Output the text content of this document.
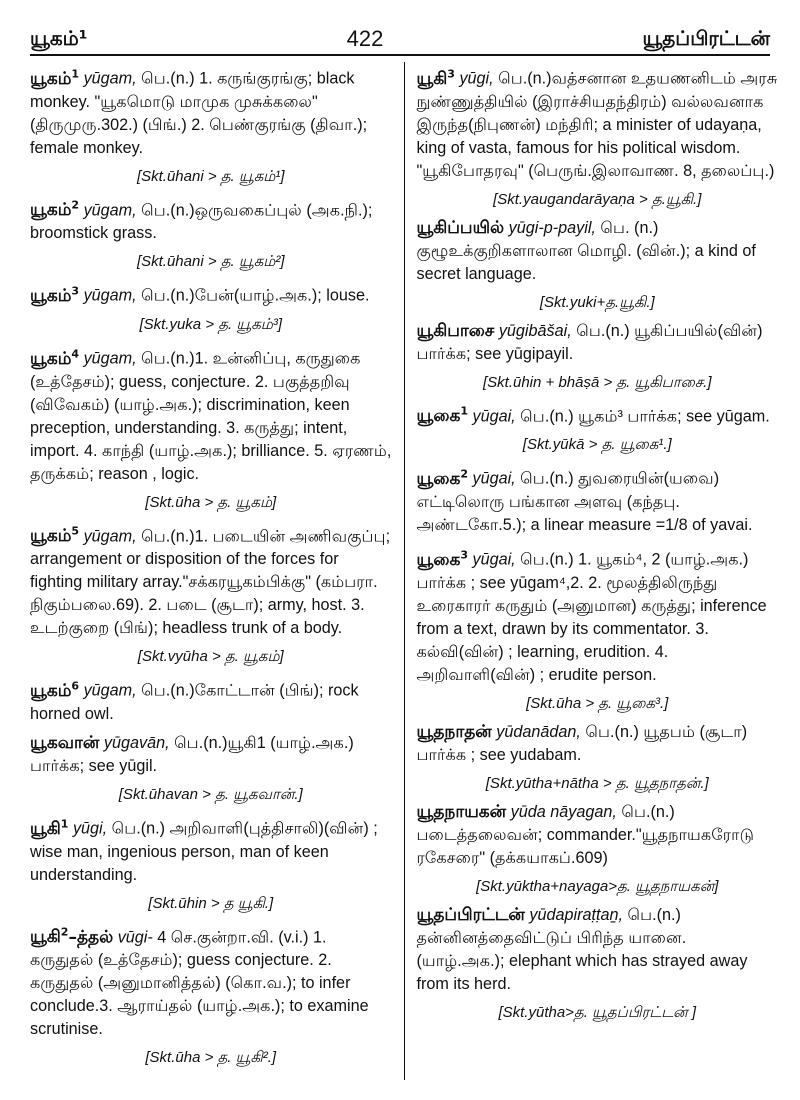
யூகம்¹	422	யூதப்பிரட்டன்
யூகம்$^1$ yūgam, பெ.(n.) 1. கருங்குரங்கு; black monkey. "யூகமொடு மாமுக முசுக்கலை" (திருமுரு.302.) (பிங்.) 2. பெண்குரங்கு (திவா.); female monkey.
[Skt.ūhani > த. யூகம்¹]
யூகம்$^2$ yūgam, பெ.(n.)ஒருவகைப்புல் (அக.நி.); broomstick grass.
[Skt.ūhani > த. யூகம்²]
யூகம்$^3$ yūgam, பெ.(n.)பேன்(யாழ்.அக.); louse.
[Skt.yuka > த. யூகம்³]
யூகம்$^4$ yūgam, பெ.(n.)1. உன்னிப்பு, கருதுகை (உத்தேசம்); guess, conjecture. 2. பகுத்தறிவு (விவேகம்) (யாழ்.அக.); discrimination, keen preception, understanding. 3. கருத்து; intent, import. 4. காந்தி (யாழ்.அக.); brilliance. 5. ஏரணம், தருக்கம்; reason , logic.
[Skt.ūha > த. யூகம்]
யூகம்$^5$ yūgam, பெ.(n.)1. படையின் அணிவகுப்பு; arrangement or disposition of the forces for fighting military array."சக்கரயூகம்பிக்கு" (கம்பரா. நிகும்பலை.69). 2. படை (சூடா); army, host. 3. உடற்குறை (பிங்); headless trunk of a body.
[Skt.vyūha > த. யூகம்]
யூகம்$^6$ yūgam, பெ.(n.)கோட்டான் (பிங்); rock horned owl.
யூகவான் yūgavān, பெ.(n.)யூகி1 (யாழ்.அக.) பார்க்க; see yūgil.
[Skt.ūhavan > த. யூகவான்.]
யூகி$^1$ yūgi, பெ.(n.) அறிவாளி(புத்திசாலி)(வின்) ; wise man, ingenious person, man of keen understanding.
[Skt.ūhin > த யூகி.]
யூகி$^2$–த்தல் vūgi- 4 செ.குன்றா.வி. (v.i.) 1. கருதுதல் (உத்தேசம்); guess conjecture. 2. கருதுதல் (அனுமானித்தல்) (கொ.வ.); to infer conclude.3. ஆராய்தல் (யாழ்.அக.); to examine scrutinise.
[Skt.ūha > த. யூகி².]
யூகி$^3$ yūgi, பெ.(n.)வத்சனான உதயணனிடம் அரசு நுண்ணுத்தியில் (இராச்சியதந்திரம்) வல்லவனாக இருந்த(நிபுணன்) மந்திரி; a minister of udayaṇa, king of vasta, famous for his political wisdom. "யூகிபோதரவு" (பெருங்.இலாவாண. 8, தலைப்பு.)
[Skt.yaugandarāyaṇa > த.யூகி.]
யூகிப்பயில் yūgi-p-payil, பெ. (n.) குழூஉக்குறிகளாலான மொழி. (வின்.); a kind of secret language.
[Skt.yuki+த.யூகி.]
யூகிபாசை yūgibāšai, பெ.(n.) யூகிப்பயில்(வின்) பார்க்க; see yūgipayil.
[Skt.ūhin + bhāṣā > த. யூகிபாசை.]
யூகை$^1$ yūgai, பெ.(n.) யூகம்³ பார்க்க; see yūgam.
[Skt.yūkā > த. யூகை¹.]
யூகை$^2$ yūgai, பெ.(n.) துவரையின்(யவை) எட்டிலொரு பங்கான அளவு (கந்தபு. அண்டகோ.5.); a linear measure =1/8 of yavai.
யூகை$^3$ yūgai, பெ.(n.) 1. யூகம்⁴, 2 (யாழ்.அக.) பார்க்க ; see yūgam⁴,2. 2. மூலத்திலிருந்து உரைகாரர் கருதும் (அனுமான) கருத்து; inference from a text, drawn by its commentator. 3. கல்வி(வின்) ; learning, erudition. 4. அறிவாளி(வின்) ; erudite person.
[Skt.ūha > த. யூகை³.]
யூதநாதன் yūdanādan, பெ.(n.) யூதபம் (சூடா) பார்க்க ; see yudabam.
[Skt.yūtha+nātha > த. யூதநாதன்.]
யூதநாயகன் yūda nāyagan, பெ.(n.) படைத்தலைவன்; commander."யூதநாயகரோடு ரகேசரை" (தக்கயாகப்.609)
[Skt.yūktha+nayaga>த. யூதநாயகன்]
யூதப்பிரட்டன் yūdapiraṭṭaṉ, பெ.(n.) தன்னினத்தைவிட்டுப் பிரிந்த யானை. (யாழ்.அக.); elephant which has strayed away from its herd.
[Skt.yūtha>த. யூதப்பிரட்டன் ]
